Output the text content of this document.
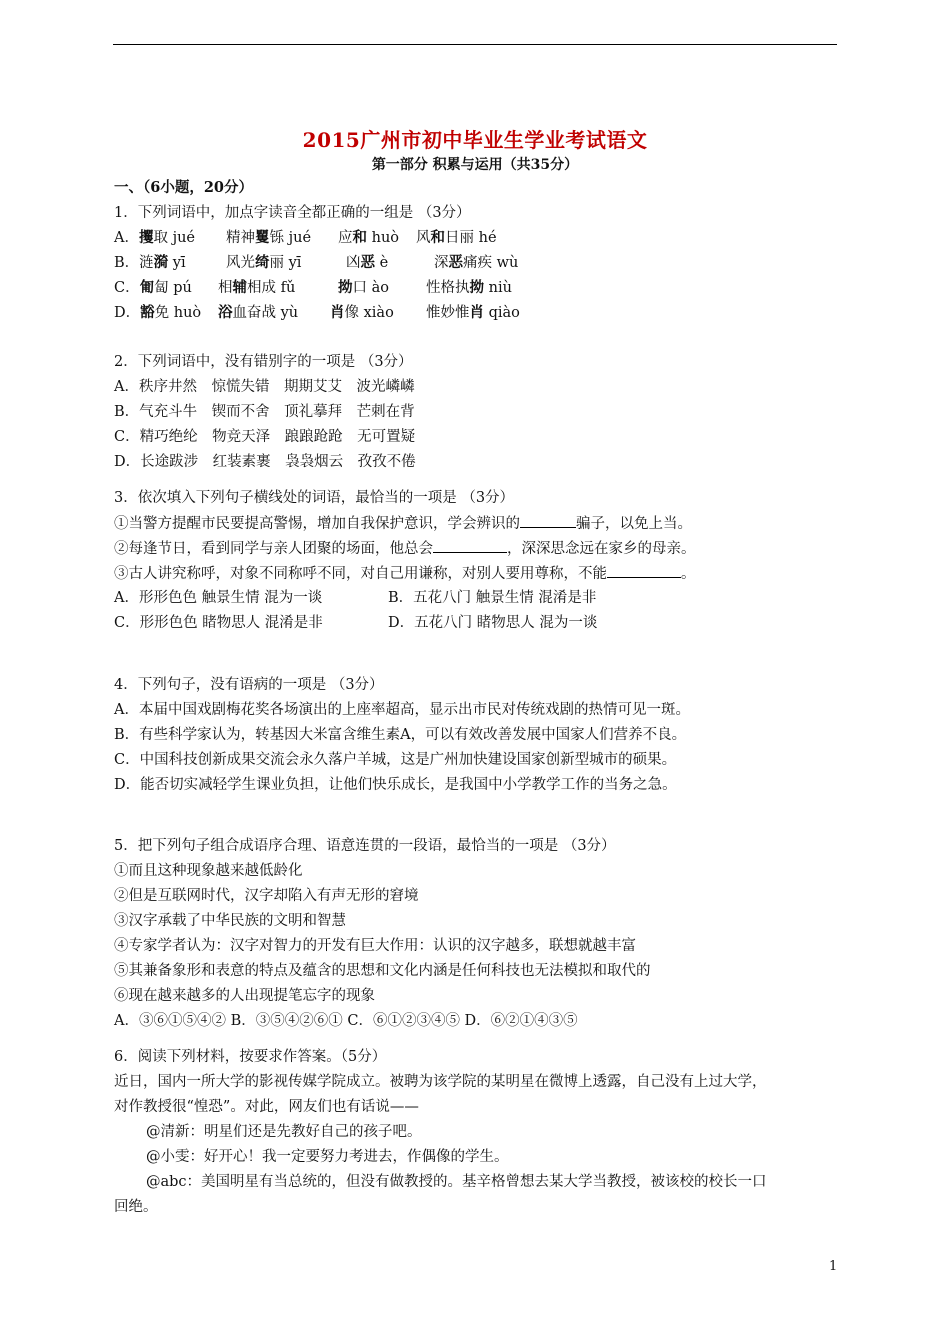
2015广州市初中毕业生学业考试语文
第一部分 积累与运用（共35分）
一、（6小题，20分）
1．下列词语中，加点字读音全都正确的一组是 （3分）
A．攫取 jué 精神矍铄 jué 应和 huò 风和日丽 hé
B．涟漪 yī	风光绮丽 yī	凶恶 è	深恶痛疾 wù
C．匍匐 pú 相辅相成 fǔ	拗口 ào	性格执拗 niù
D．豁免 huò 浴血奋战 yù 肖像 xiào 惟妙惟肖 qiào
2．下列词语中，没有错别字的一项是 （3分）
A．秩序井然　惊慌失错　期期艾艾　波光嶙嶙
B．气充斗牛　锲而不舍　顶礼摹拜　芒刺在背
C．精巧绝纶　物竞天泽　踉踉跄跄　无可置疑
D．长途跋涉　红装素裹　袅袅烟云　孜孜不倦
3．依次填入下列句子横线处的词语，最恰当的一项是 （3分）
①当警方提醒市民要提高警惕，增加自我保护意识，学会辨识的	骗子，以免上当。
②每逢节日，看到同学与亲人团聚的场面，他总会	，深深思念远在家乡的母亲。
③古人讲究称呼，对象不同称呼不同，对自己用谦称，对别人要用尊称，不能	。
A．形形色色 触景生情 混为一谈	B．五花八门 触景生情 混淆是非
C．形形色色 睹物思人 混淆是非	D．五花八门 睹物思人 混为一谈
4．下列句子，没有语病的一项是 （3分）
A．本届中国戏剧梅花奖各场演出的上座率超高，显示出市民对传统戏剧的热情可见一斑。
B．有些科学家认为，转基因大米富含维生素A，可以有效改善发展中国家人们营养不良。
C．中国科技创新成果交流会永久落户羊城，这是广州加快建设国家创新型城市的硕果。
D．能否切实减轻学生课业负担，让他们快乐成长，是我国中小学教学工作的当务之急。
5．把下列句子组合成语序合理、语意连贯的一段语，最恰当的一项是 （3分）
①而且这种现象越来越低龄化
②但是互联网时代，汉字却陷入有声无形的窘境
③汉字承载了中华民族的文明和智慧
④专家学者认为：汉字对智力的开发有巨大作用：认识的汉字越多，联想就越丰富
⑤其兼备象形和表意的特点及蕴含的思想和文化内涵是任何科技也无法模拟和取代的
⑥现在越来越多的人出现提笔忘字的现象
A．③⑥①⑤④② B．③⑤④②⑥① C．⑥①②③④⑤ D．⑥②①④③⑤
6．阅读下列材料，按要求作答案。（5分）
近日，国内一所大学的影视传媒学院成立。被聘为该学院的某明星在微博上透露，自己没有上过大学，
对作教授很“惶恐”。对此，网友们也有话说——
@清新：明星们还是先教好自己的孩子吧。
@小雯：好开心！我一定要努力考进去，作偶像的学生。
@abc：美国明星有当总统的，但没有做教授的。基辛格曾想去某大学当教授，被该校的校长一口
回绝。
1
